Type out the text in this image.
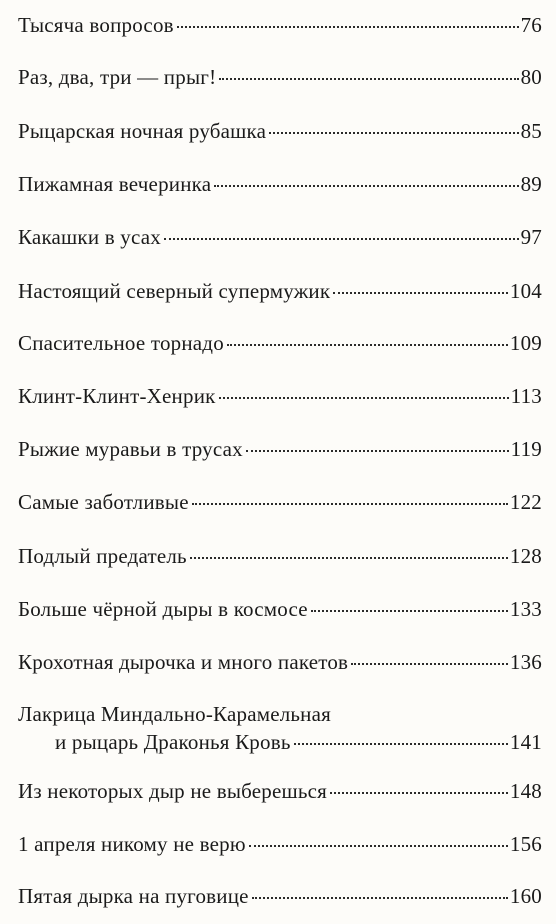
Тысяча вопросов	76
Раз, два, три — прыг!	80
Рыцарская ночная рубашка	85
Пижамная вечеринка	89
Какашки в усах	97
Настоящий северный супермужик	104
Спасительное торнадо	109
Клинт-Клинт-Хенрик	113
Рыжие муравьи в трусах	119
Самые заботливые	122
Подлый предатель	128
Больше чёрной дыры в космосе	133
Крохотная дырочка и много пакетов	136
Лакрица Миндально-Карамельная
и рыцарь Драконья Кровь	141
Из некоторых дыр не выберешься	148
1 апреля никому не верю	156
Пятая дырка на пуговице	160
